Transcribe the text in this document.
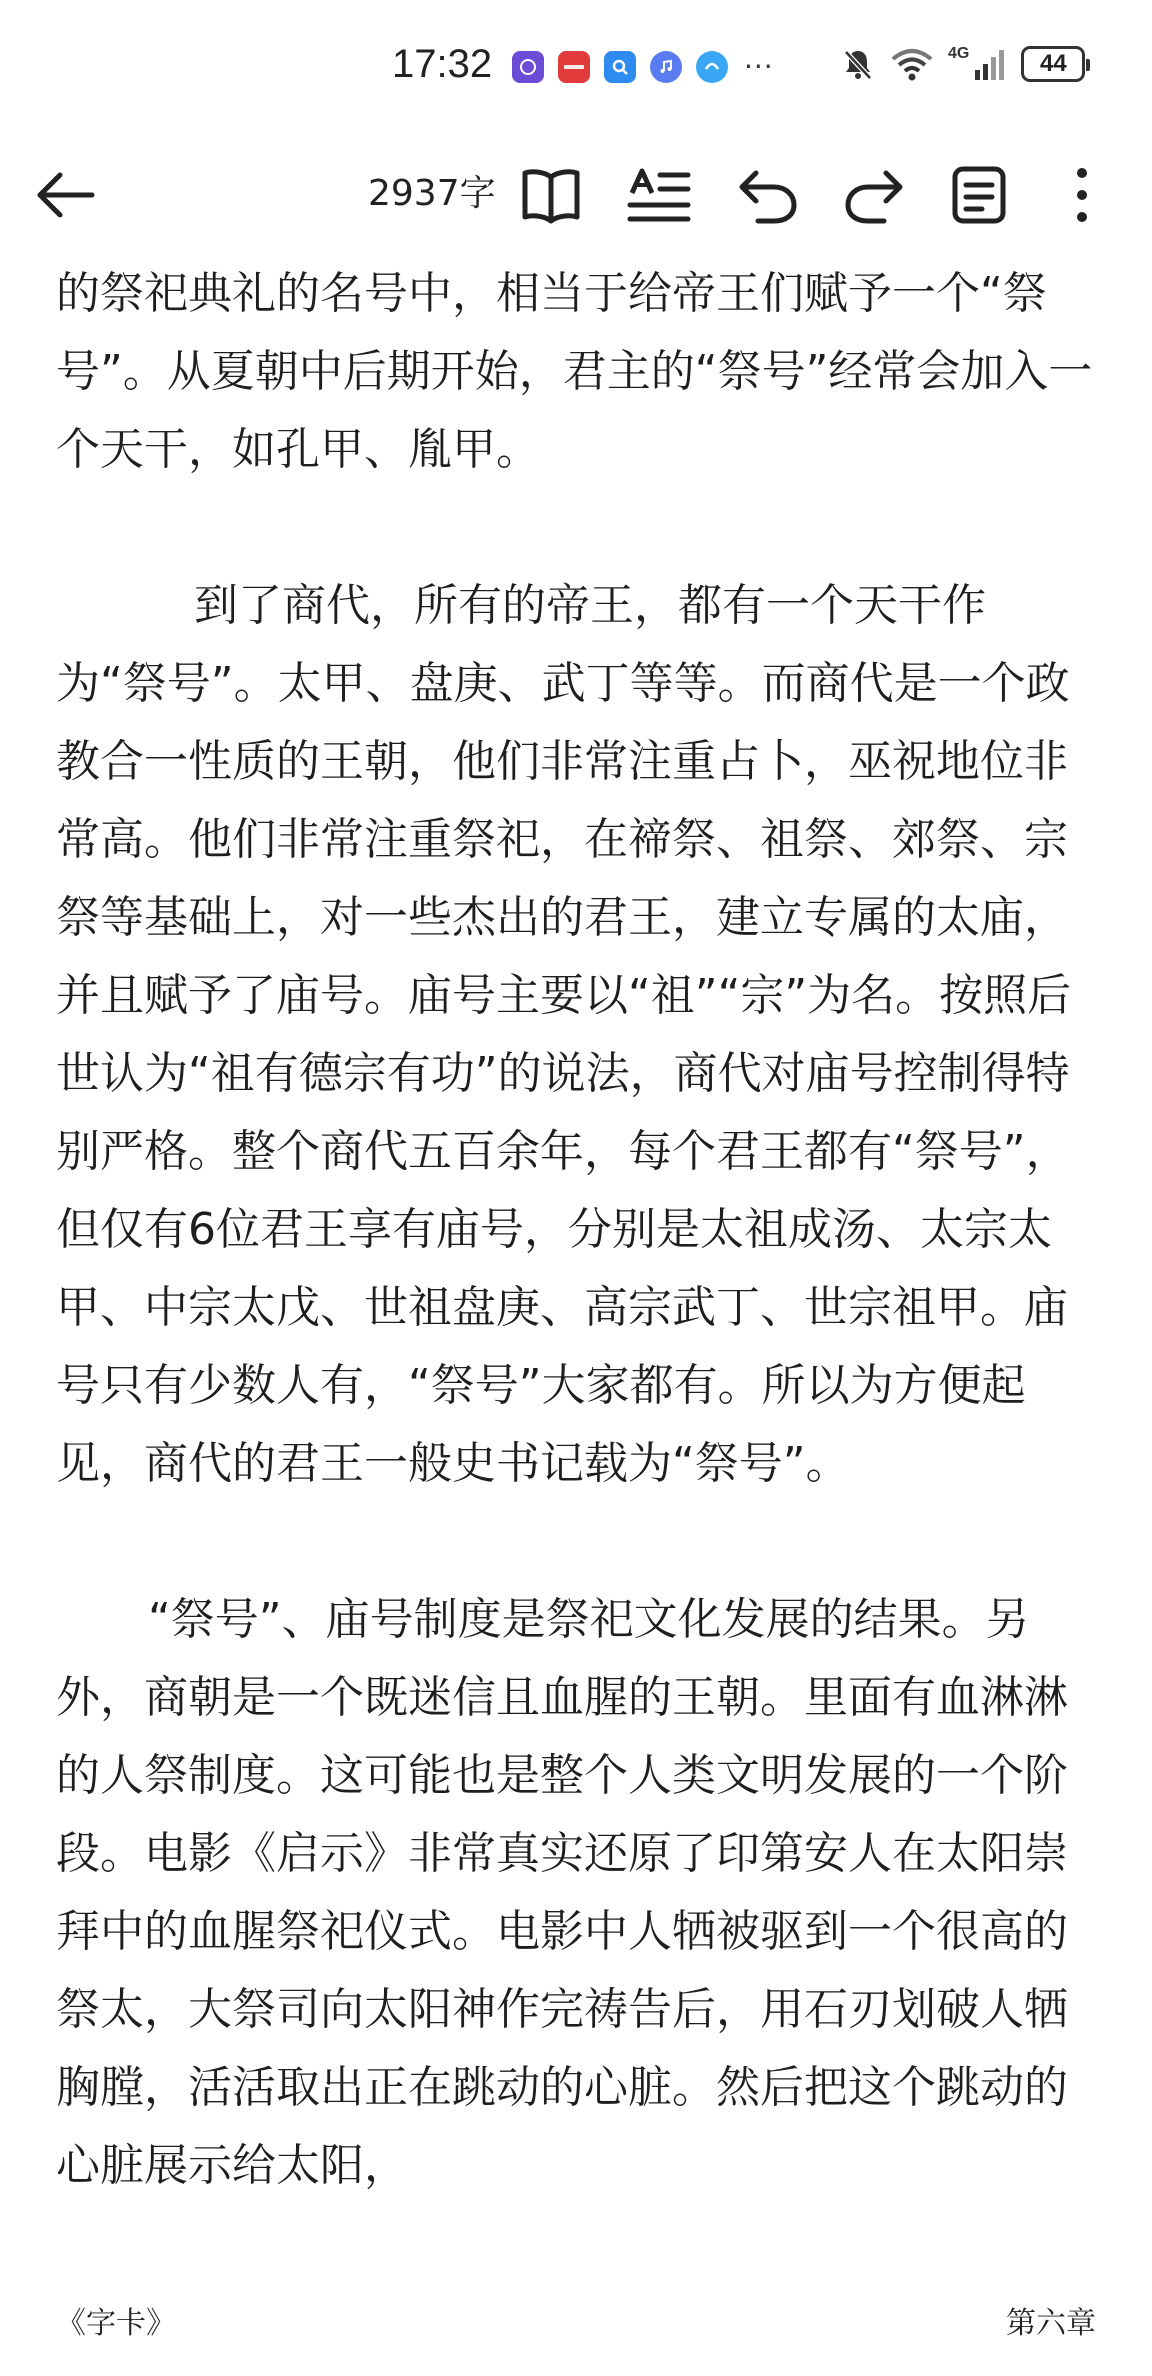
17:32	···	4G	44
2937字

的祭祀典礼的名号中，相当于给帝王们赋予一个“祭号”。从夏朝中后期开始，君主的“祭号”经常会加入一个天干，如孔甲、胤甲。

到了商代，所有的帝王，都有一个天干作为“祭号”。太甲、盘庚、武丁等等。而商代是一个政教合一性质的王朝，他们非常注重占卜，巫祝地位非常高。他们非常注重祭祀，在禘祭、祖祭、郊祭、宗祭等基础上，对一些杰出的君王，建立专属的太庙，并且赋予了庙号。庙号主要以“祖”“宗”为名。按照后世认为“祖有德宗有功”的说法，商代对庙号控制得特别严格。整个商代五百余年，每个君王都有“祭号”，但仅有6位君王享有庙号，分别是太祖成汤、太宗太甲、中宗太戊、世祖盘庚、高宗武丁、世宗祖甲。庙号只有少数人有，“祭号”大家都有。所以为方便起见，商代的君王一般史书记载为“祭号”。

“祭号”、庙号制度是祭祀文化发展的结果。另外，商朝是一个既迷信且血腥的王朝。里面有血淋淋的人祭制度。这可能也是整个人类文明发展的一个阶段。电影《启示》非常真实还原了印第安人在太阳崇拜中的血腥祭祀仪式。电影中人牺被驱到一个很高的祭太，大祭司向太阳神作完祷告后，用石刃划破人牺胸膛，活活取出正在跳动的心脏。然后把这个跳动的心脏展示给太阳，

《字卡》	第六章
